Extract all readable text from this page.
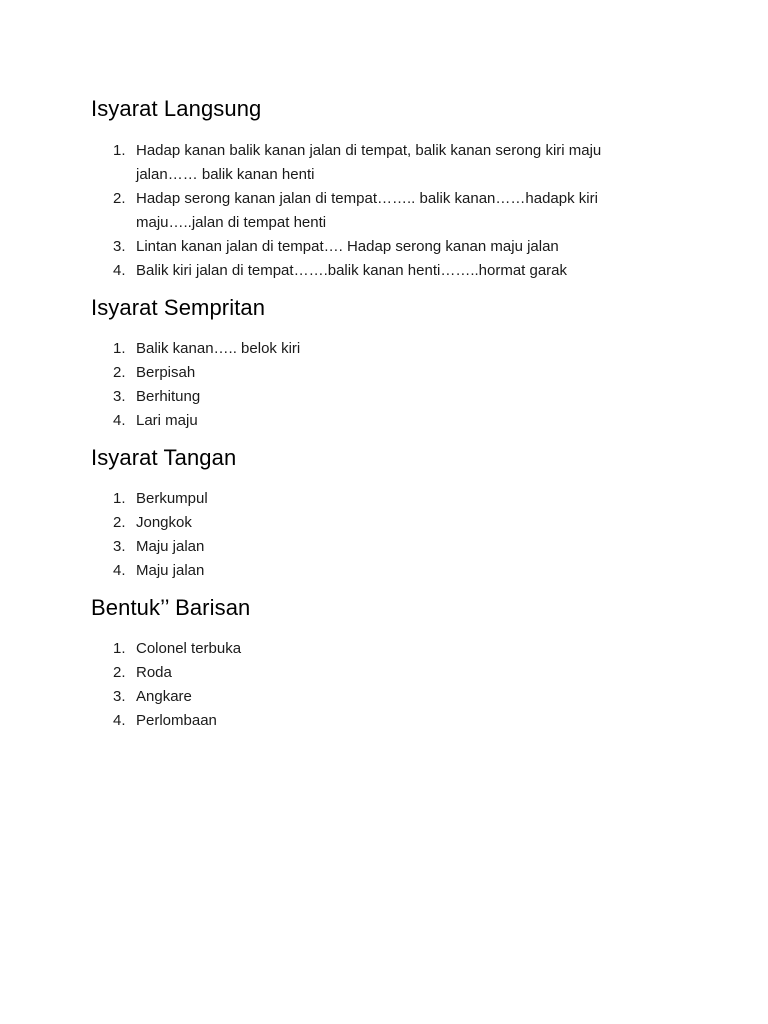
Isyarat Langsung
1. Hadap kanan balik kanan jalan di tempat, balik kanan serong kiri maju jalan…… balik kanan henti
2. Hadap serong kanan jalan di tempat…….. balik kanan……hadapk kiri maju…..jalan di tempat henti
3. Lintan kanan jalan di tempat…. Hadap serong kanan maju jalan
4. Balik kiri jalan di tempat…….balik kanan henti……..hormat garak
Isyarat Sempritan
1. Balik kanan….. belok kiri
2. Berpisah
3. Berhitung
4. Lari maju
Isyarat Tangan
1. Berkumpul
2. Jongkok
3. Maju jalan
4. Maju jalan
Bentuk’’ Barisan
1. Colonel terbuka
2. Roda
3. Angkare
4. Perlombaan
